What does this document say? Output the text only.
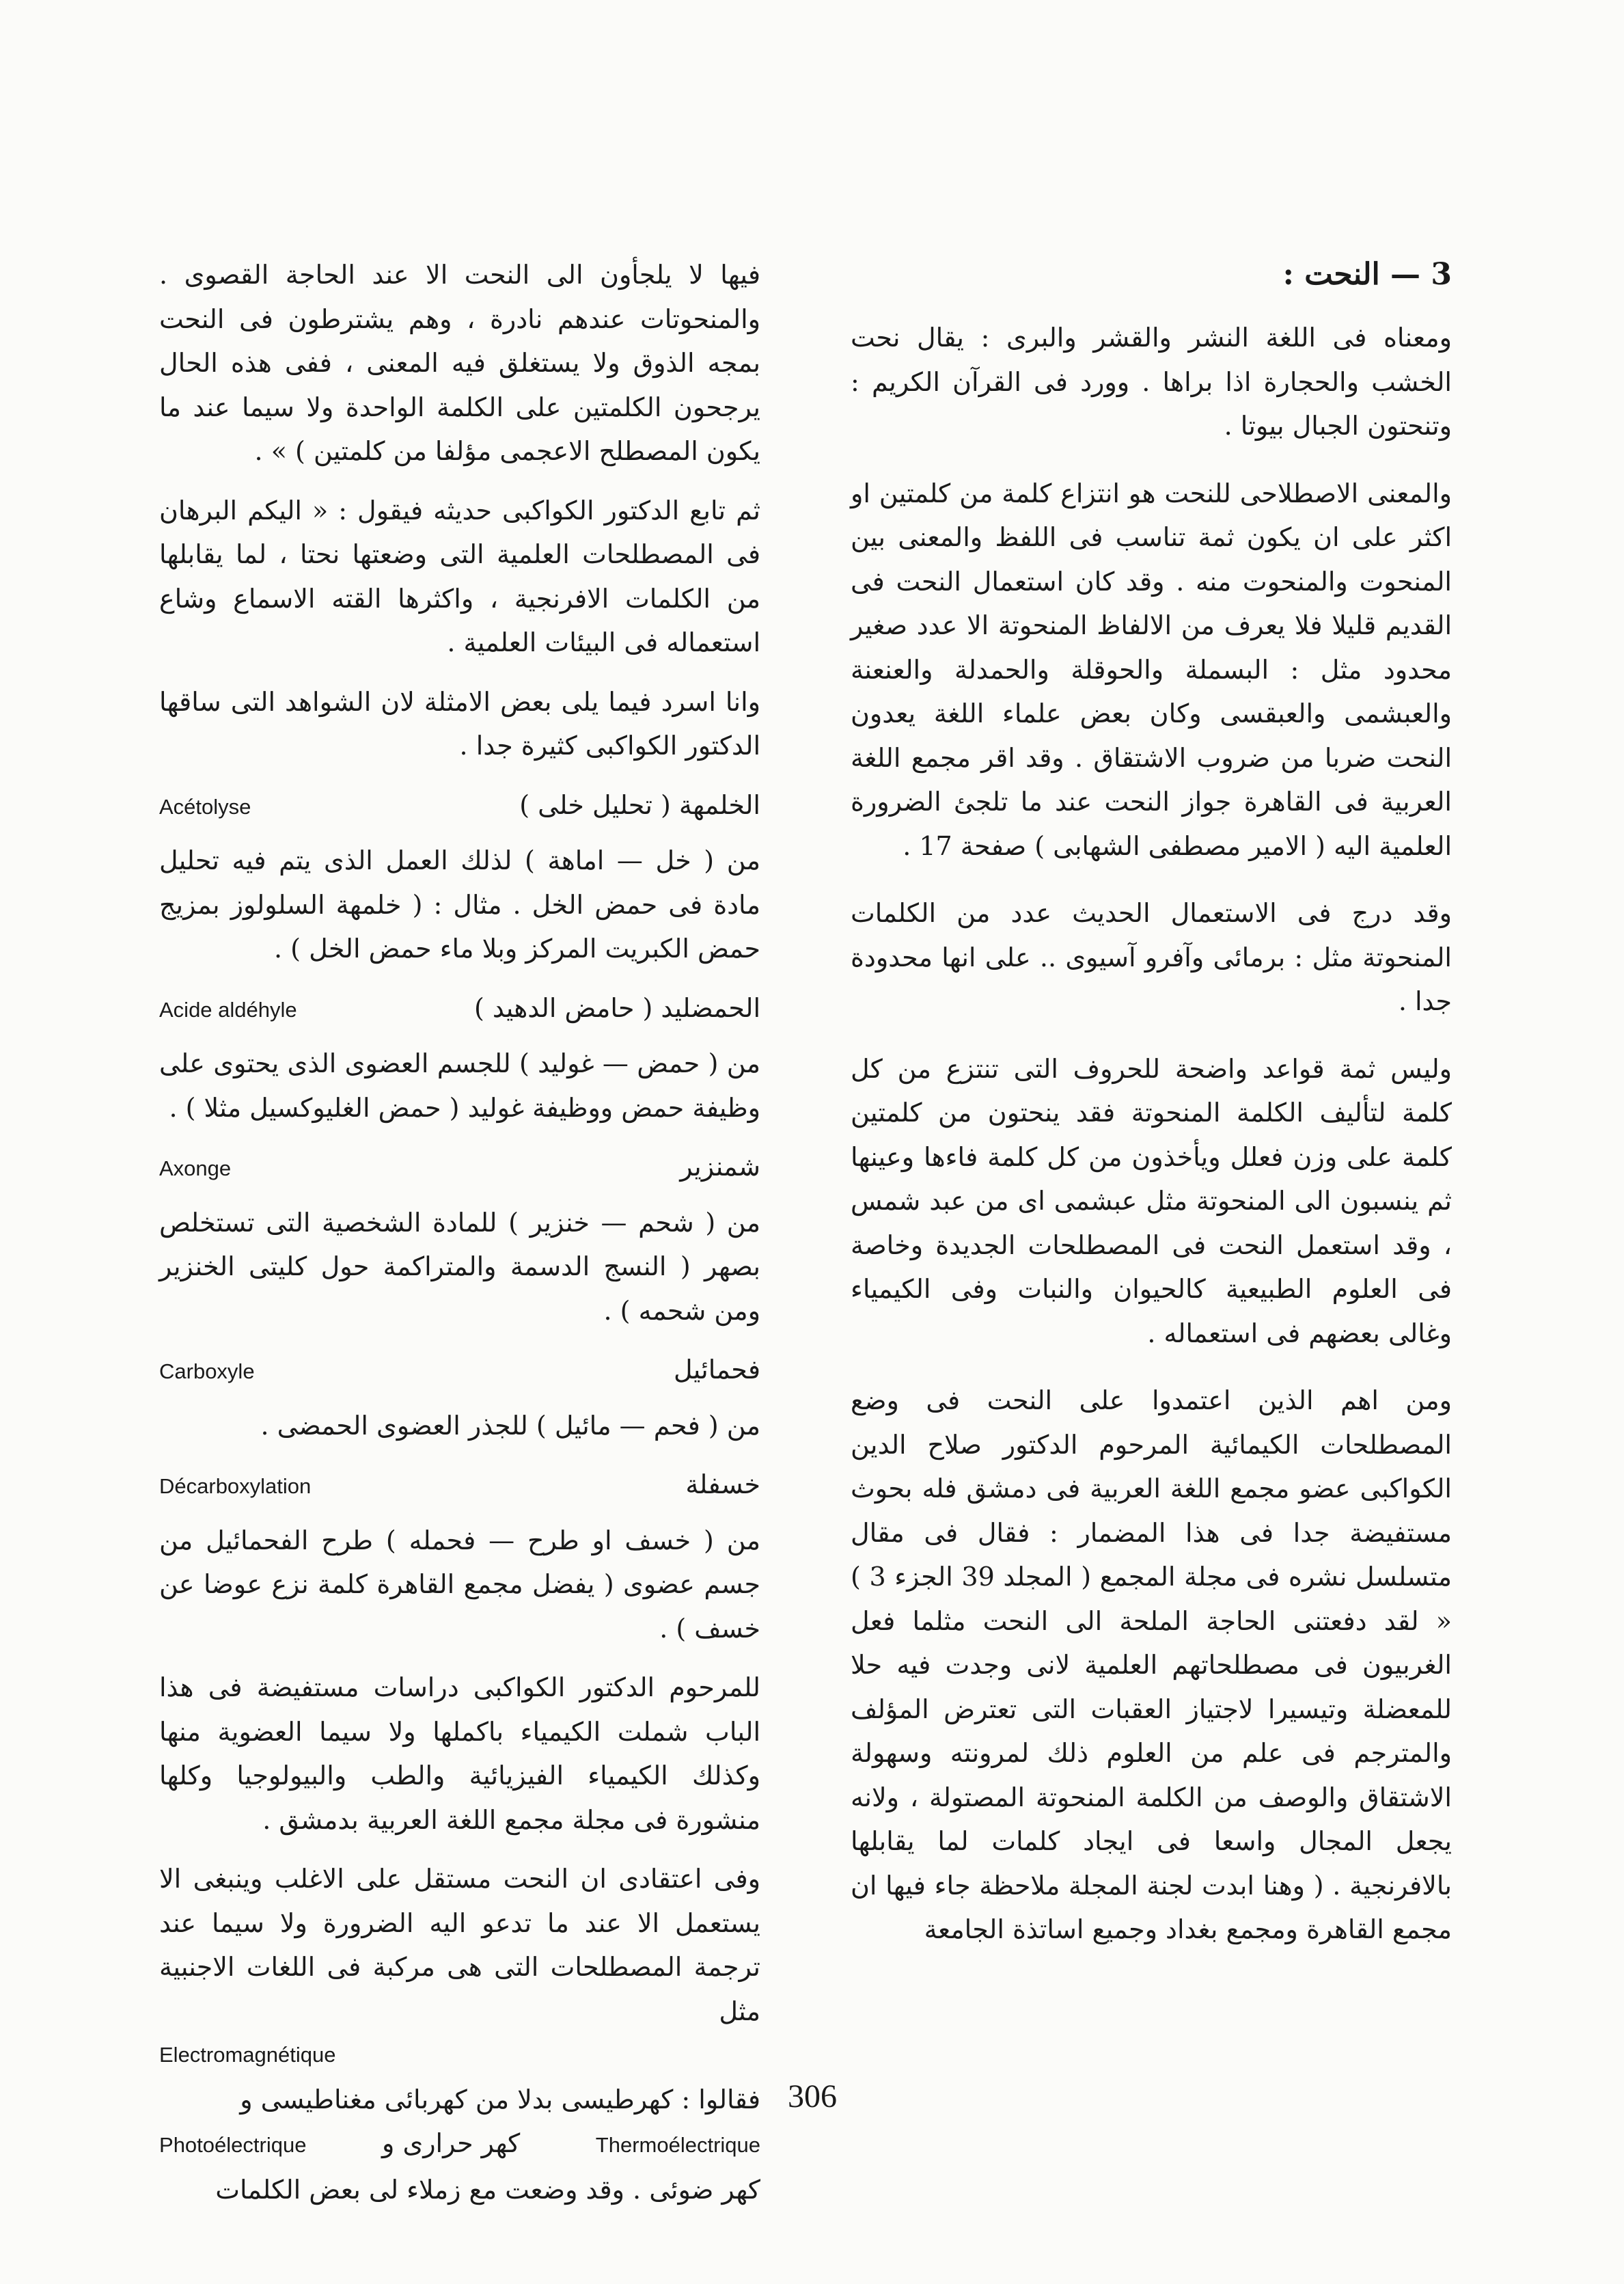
3 — النحت :

ومعناه فى اللغة النشر والقشر والبرى : يقال نحت الخشب والحجارة اذا براها . وورد فى القرآن الكريم : وتنحتون الجبال بيوتا .

والمعنى الاصطلاحى للنحت هو انتزاع كلمة من كلمتين او اكثر على ان يكون ثمة تناسب فى اللفظ والمعنى بين المنحوت والمنحوت منه . وقد كان استعمال النحت فى القديم قليلا فلا يعرف من الالفاظ المنحوتة الا عدد صغير محدود مثل : البسملة والحوقلة والحمدلة والعنعنة والعبشمى والعبقسى وكان بعض علماء اللغة يعدون النحت ضربا من ضروب الاشتقاق . وقد اقر مجمع اللغة العربية فى القاهرة جواز النحت عند ما تلجئ الضرورة العلمية اليه ( الامير مصطفى الشهابى ) صفحة 17 .

وقد درج فى الاستعمال الحديث عدد من الكلمات المنحوتة مثل : برمائى وآفرو آسيوى .. على انها محدودة جدا .

وليس ثمة قواعد واضحة للحروف التى تنتزع من كل كلمة لتأليف الكلمة المنحوتة فقد ينحتون من كلمتين كلمة على وزن فعلل ويأخذون من كل كلمة فاءها وعينها ثم ينسبون الى المنحوتة مثل عبشمى اى من عبد شمس ، وقد استعمل النحت فى المصطلحات الجديدة وخاصة فى العلوم الطبيعية كالحيوان والنبات وفى الكيمياء وغالى بعضهم فى استعماله .

ومن اهم الذين اعتمدوا على النحت فى وضع المصطلحات الكيمائية المرحوم الدكتور صلاح الدين الكواكبى عضو مجمع اللغة العربية فى دمشق فله بحوث مستفيضة جدا فى هذا المضمار : فقال فى مقال متسلسل نشره فى مجلة المجمع ( المجلد 39 الجزء 3 ) « لقد دفعتنى الحاجة الملحة الى النحت مثلما فعل الغربيون فى مصطلحاتهم العلمية لانى وجدت فيه حلا للمعضلة وتيسيرا لاجتياز العقبات التى تعترض المؤلف والمترجم فى علم من العلوم ذلك لمرونته وسهولة الاشتقاق والوصف من الكلمة المنحوتة المصتولة ، ولانه يجعل المجال واسعا فى ايجاد كلمات لما يقابلها بالافرنجية . ( وهنا ابدت لجنة المجلة ملاحظة جاء فيها ان مجمع القاهرة ومجمع بغداد وجميع اساتذة الجامعة

فيها لا يلجأون الى النحت الا عند الحاجة القصوى . والمنحوتات عندهم نادرة ، وهم يشترطون فى النحت بمجه الذوق ولا يستغلق فيه المعنى ، ففى هذه الحال يرجحون الكلمتين على الكلمة الواحدة ولا سيما عند ما يكون المصطلح الاعجمى مؤلفا من كلمتين ) » .

ثم تابع الدكتور الكواكبى حديثه فيقول : « اليكم البرهان فى المصطلحات العلمية التى وضعتها نحتا ، لما يقابلها من الكلمات الافرنجية ، واكثرها القته الاسماع وشاع استعماله فى البيئات العلمية .

وانا اسرد فيما يلى بعض الامثلة لان الشواهد التى ساقها الدكتور الكواكبى كثيرة جدا .

الخلمهة ( تحليل خلى )
Acétolyse

من ( خل — اماهة ) لذلك العمل الذى يتم فيه تحليل مادة فى حمض الخل . مثال : ( خلمهة السلولوز بمزيج حمض الكبريت المركز وبلا ماء حمض الخل ) .

الحمضليد ( حامض الدهيد )
Acide aldéhyle

من ( حمض — غوليد ) للجسم العضوى الذى يحتوى على وظيفة حمض ووظيفة غوليد ( حمض الغليوكسيل مثلا ) .

شمنزير
Axonge

من ( شحم — خنزير ) للمادة الشخصية التى تستخلص بصهر ( النسج الدسمة والمتراكمة حول كليتى الخنزير ومن شحمه ) .

فحمائيل
Carboxyle

من ( فحم — مائيل ) للجذر العضوى الحمضى .

خسفلة
Décarboxylation

من ( خسف او طرح — فحمله ) طرح الفحمائيل من جسم عضوى ( يفضل مجمع القاهرة كلمة نزع عوضا عن خسف ) .

للمرحوم الدكتور الكواكبى دراسات مستفيضة فى هذا الباب شملت الكيمياء باكملها ولا سيما العضوية منها وكذلك الكيمياء الفيزيائية والطب والبيولوجيا وكلها منشورة فى مجلة مجمع اللغة العربية بدمشق .

وفى اعتقادى ان النحت مستقل على الاغلب وينبغى الا يستعمل الا عند ما تدعو اليه الضرورة ولا سيما عند ترجمة المصطلحات التى هى مركبة فى اللغات الاجنبية مثل

Electromagnétique
فقالوا : كهرطيسى بدلا من كهربائى مغناطيسى و
Thermoélectrique
كهر حرارى و
Photoélectrique
كهر ضوئى . وقد وضعت مع زملاء لى بعض الكلمات
306
